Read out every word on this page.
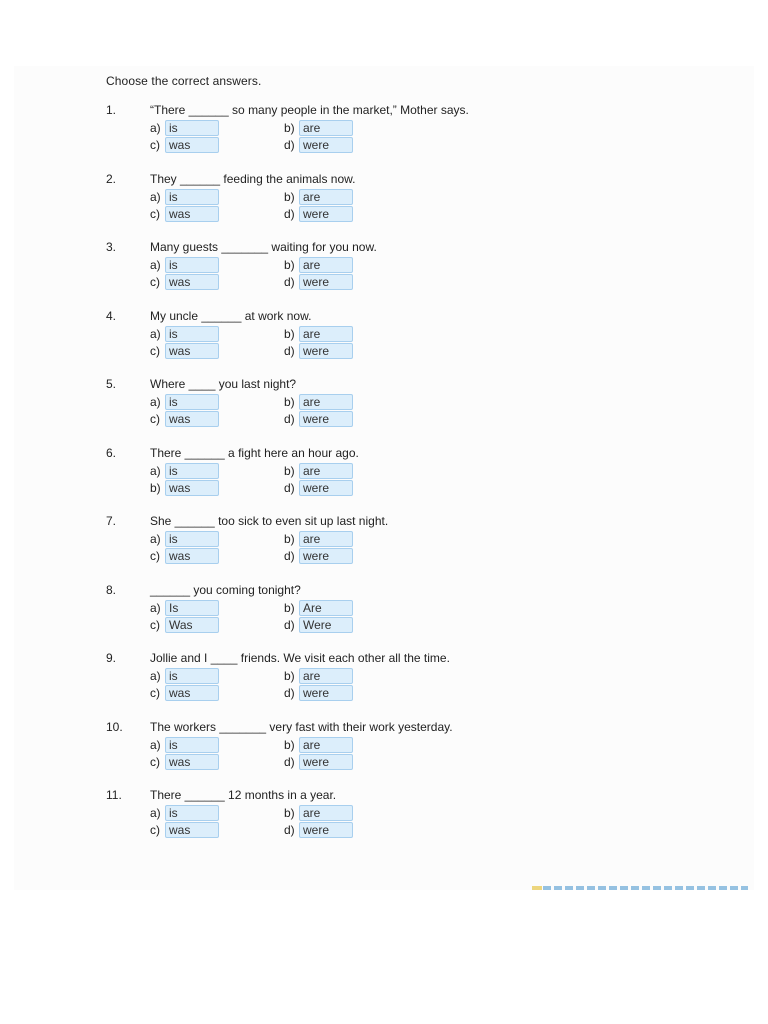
Choose the correct answers.
1.	“There ______ so many people in the market,” Mother says.
a) is	b) are
c) was	d) were
2.	They ______ feeding the animals now.
a) is	b) are
c) was	d) were
3.	Many guests _______ waiting for you now.
a) is	b) are
c) was	d) were
4.	My uncle ______ at work now.
a) is	b) are
c) was	d) were
5.	Where ____ you last night?
a) is	b) are
c) was	d) were
6.	There ______ a fight here an hour ago.
a) is	b) are
b) was	d) were
7.	She ______ too sick to even sit up last night.
a) is	b) are
c) was	d) were
8.	______ you coming tonight?
a) Is	b) Are
c) Was	d) Were
9.	Jollie and I ____ friends. We visit each other all the time.
a) is	b) are
c) was	d) were
10. The workers _______ very fast with their work yesterday.
a) is	b) are
c) was	d) were
11. There ______ 12 months in a year.
a) is	b) are
c) was	d) were
